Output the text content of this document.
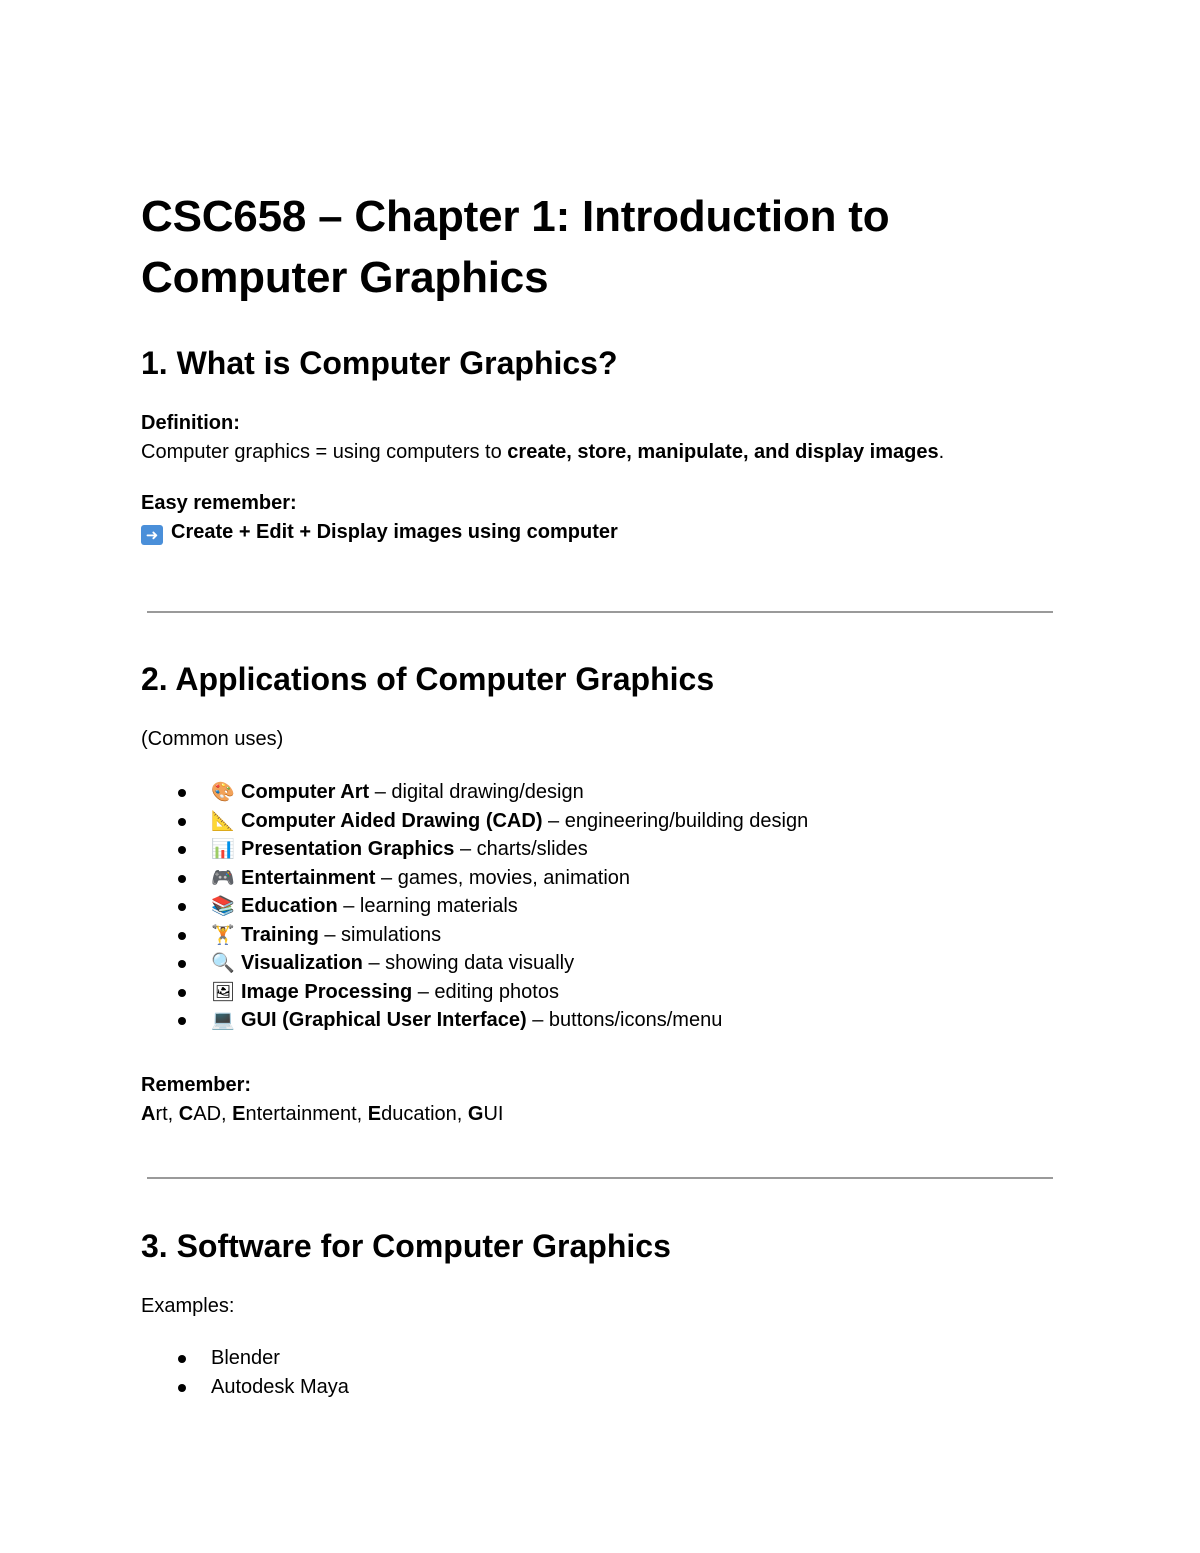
CSC658 – Chapter 1: Introduction to
Computer Graphics
1. What is Computer Graphics?

Definition:

Computer graphics = using computers to create, store, manipulate, and display images.

Easy remember:

➜ Create + Edit + Display images using computer

2. Applications of Computer Graphics

(Common uses)

🎨 Computer Art – digital drawing/design
📐 Computer Aided Drawing (CAD) – engineering/building design
📊 Presentation Graphics – charts/slides
🎮 Entertainment – games, movies, animation
📚 Education – learning materials
🏋 Training – simulations
🔍 Visualization – showing data visually
🖼 Image Processing – editing photos
💻 GUI (Graphical User Interface) – buttons/icons/menu

Remember:

Art, CAD, Entertainment, Education, GUI

3. Software for Computer Graphics

Examples:

Blender
Autodesk Maya
